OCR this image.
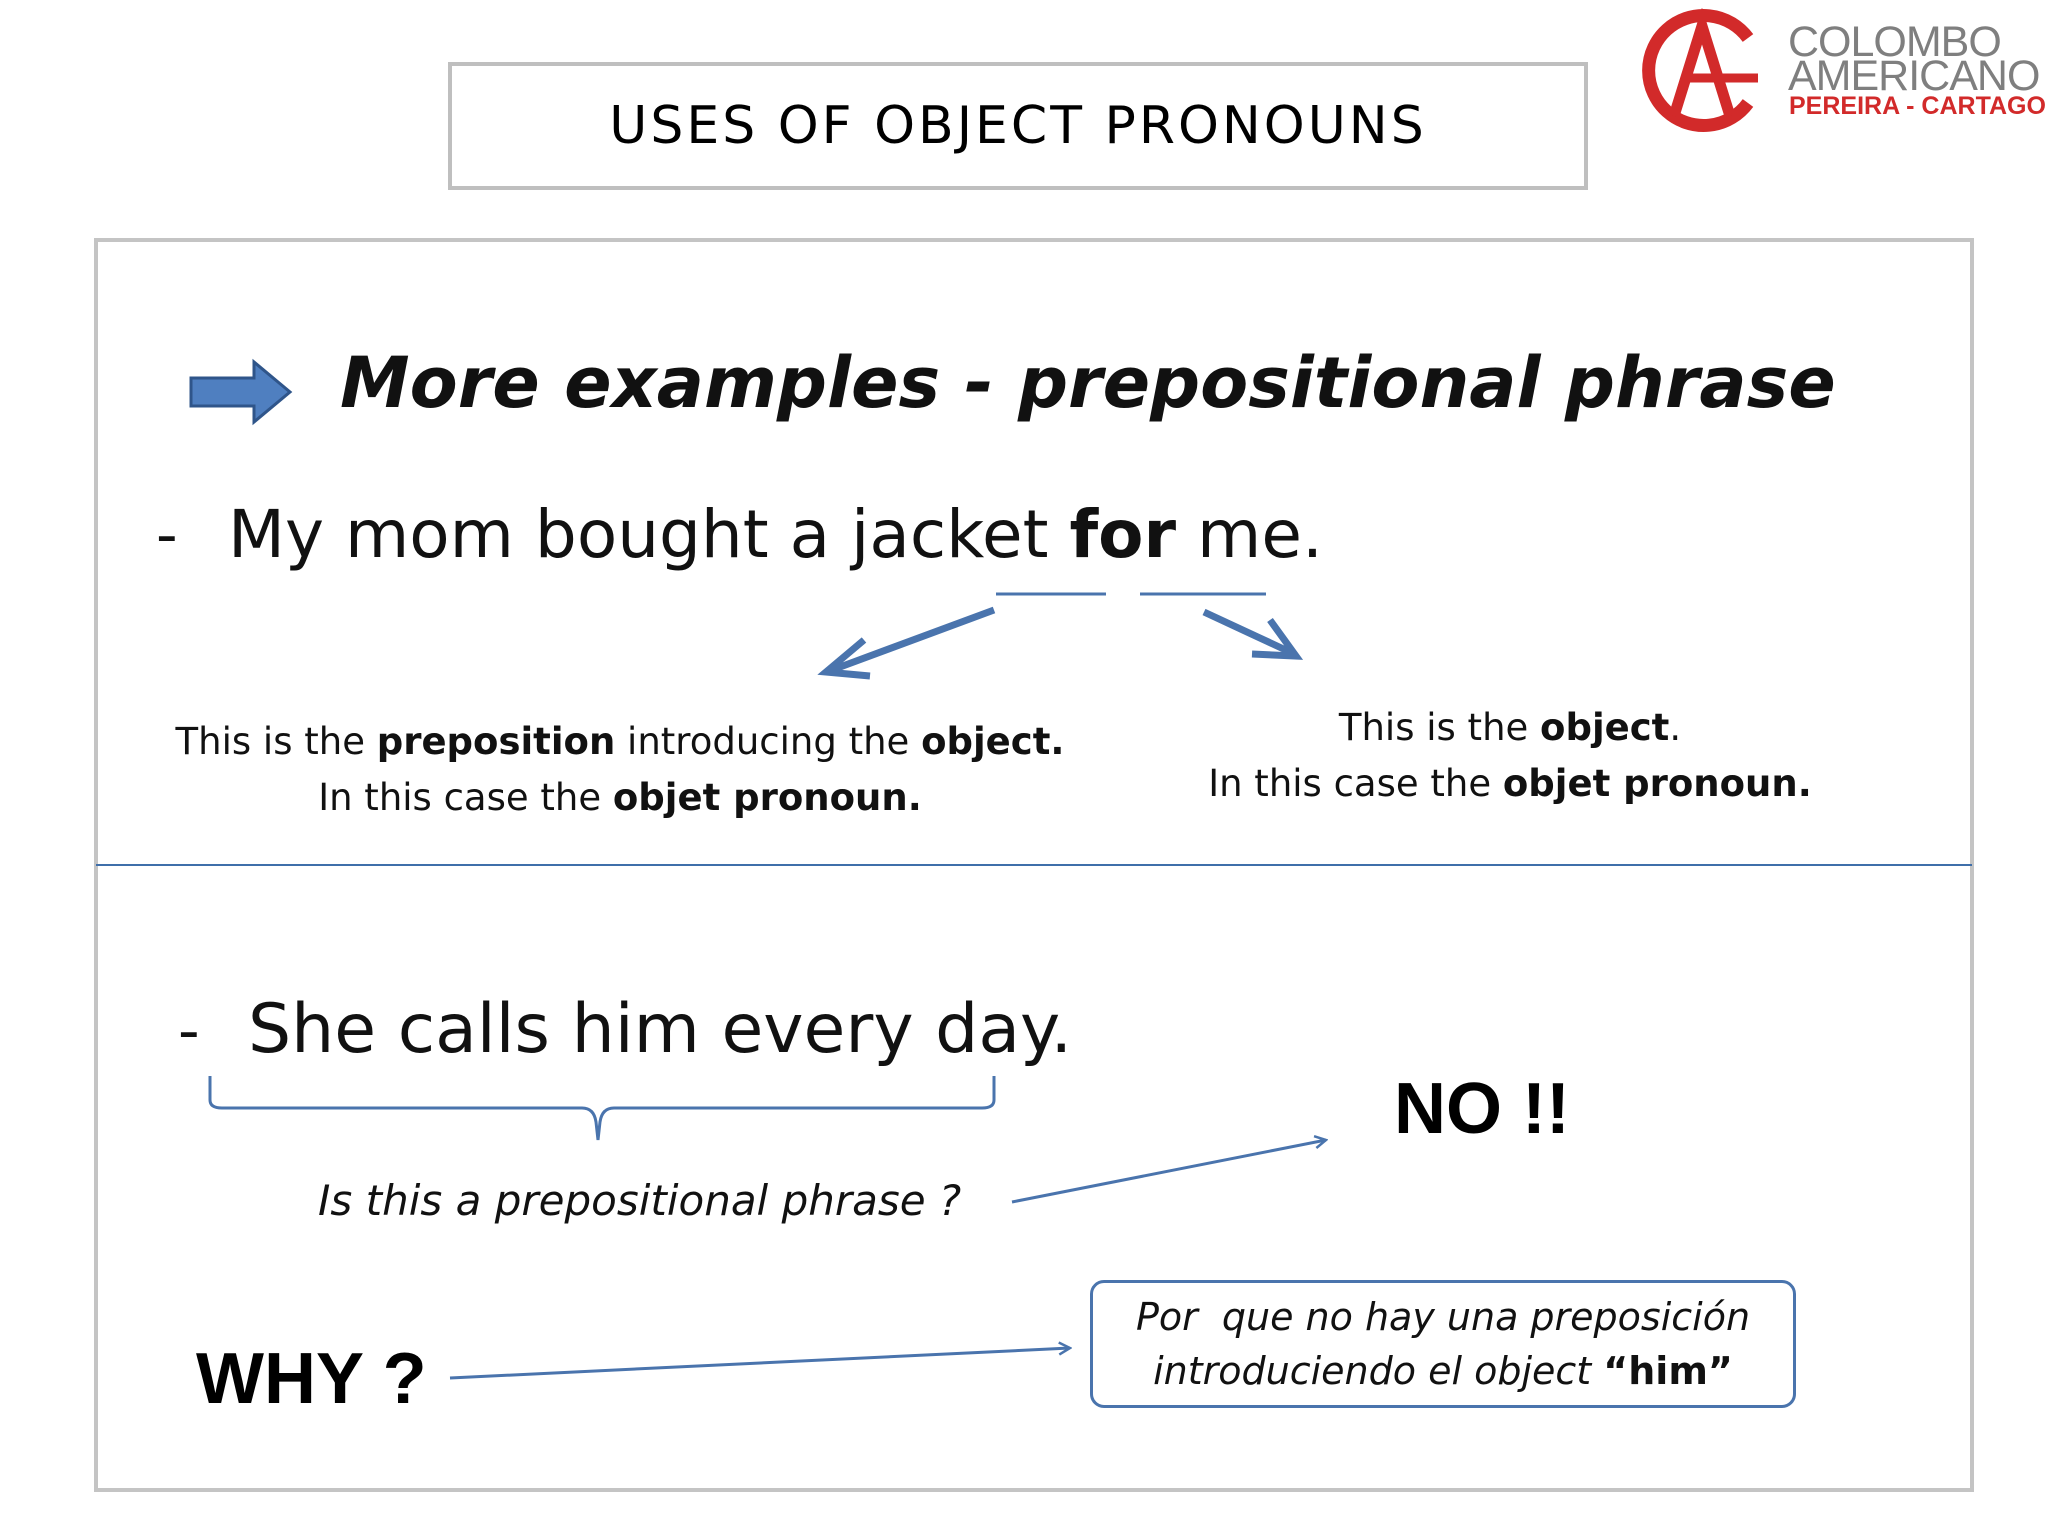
USES OF OBJECT PRONOUNS
COLOMBO
AMERICANO
PEREIRA - CARTAGO
More examples - prepositional phrase
- My mom bought a jacket for me.
This is the preposition introducing the object.
In this case the objet pronoun.
This is the object.
In this case the objet pronoun.
- She calls him every day.
Is this a prepositional phrase ?
NO !!
WHY ?
Por  que no hay una preposición
introduciendo el object “him”
